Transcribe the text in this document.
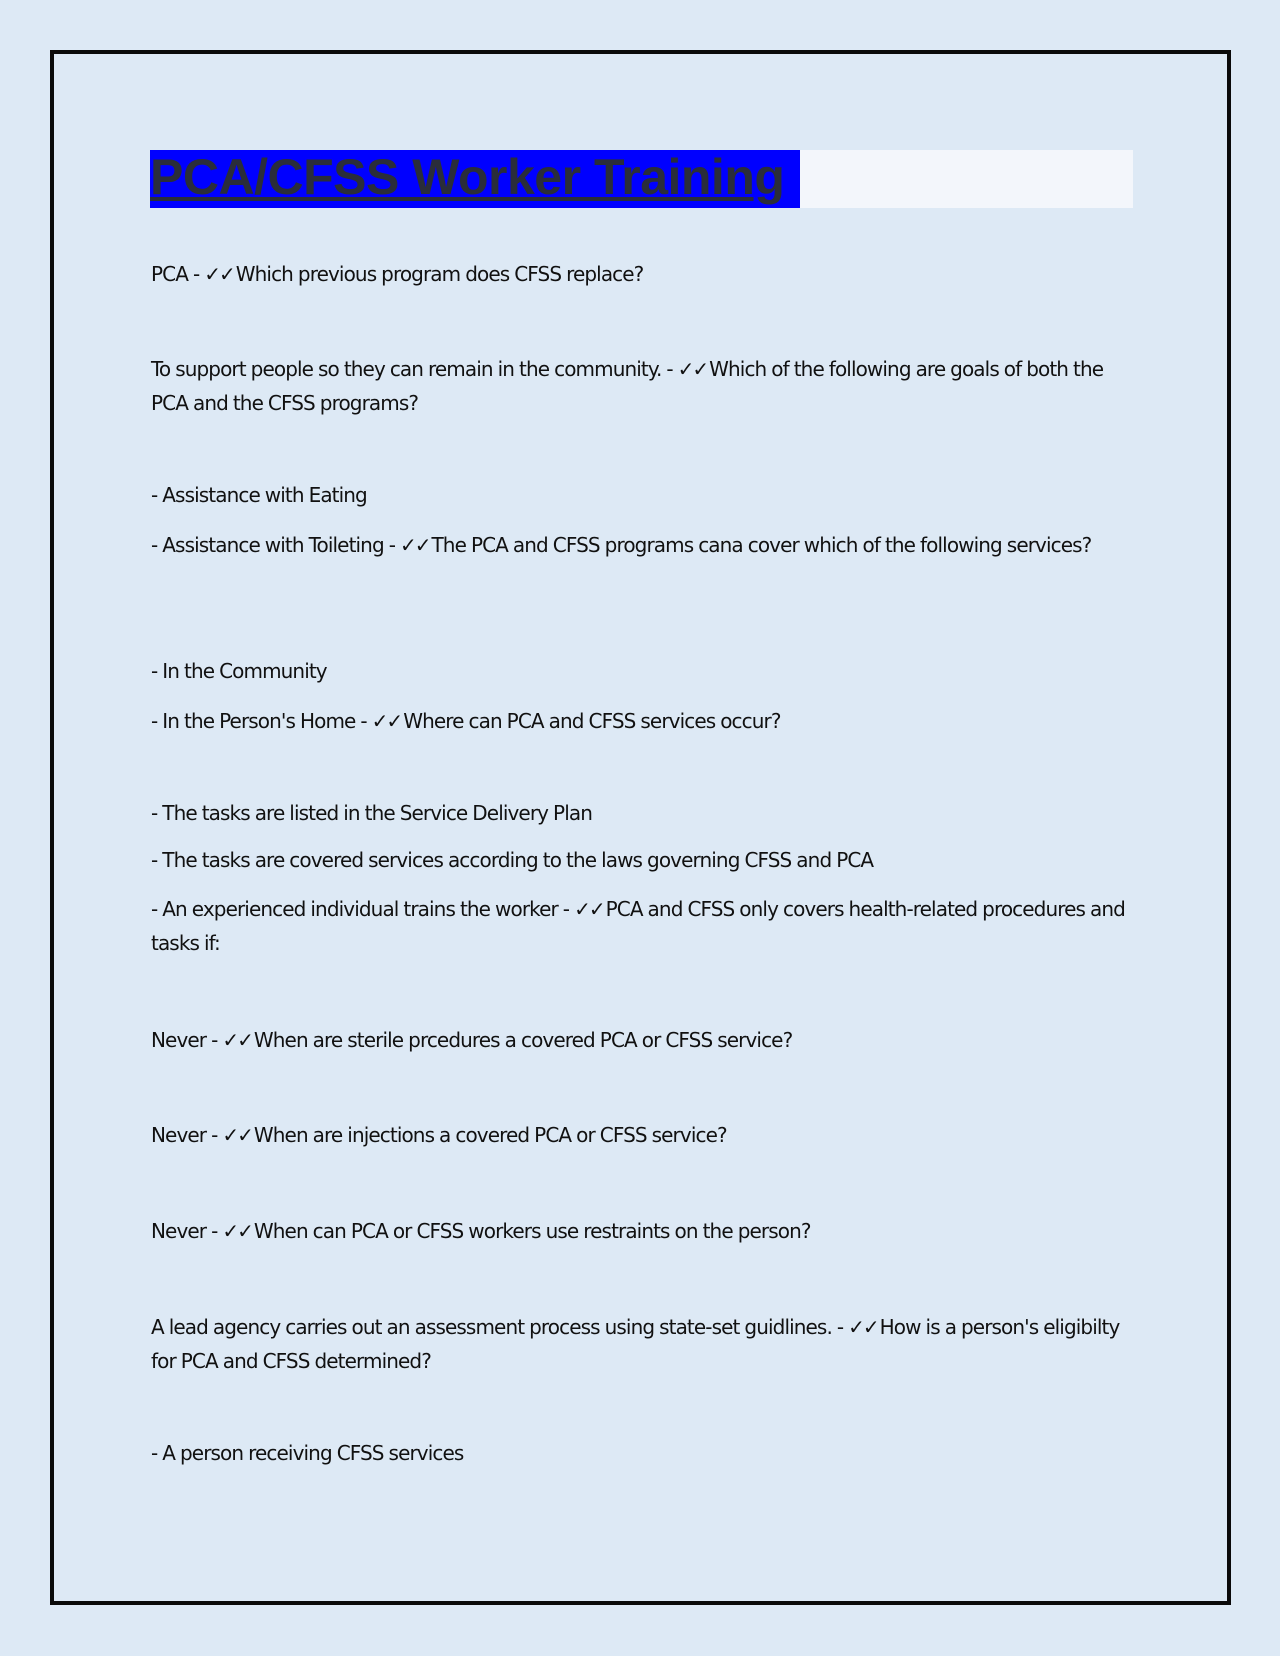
PCA/CFSS Worker Training

PCA - ✓✓ Which previous program does CFSS replace?

To support people so they can remain in the community. - ✓✓ Which of the following are goals of both the PCA and the CFSS programs?

- Assistance with Eating

- Assistance with Toileting - ✓✓ The PCA and CFSS programs cana cover which of the following services?

- In the Community

- In the Person's Home - ✓✓ Where can PCA and CFSS services occur?

- The tasks are listed in the Service Delivery Plan

- The tasks are covered services according to the laws governing CFSS and PCA

- An experienced individual trains the worker - ✓✓ PCA and CFSS only covers health-related procedures and tasks if:

Never - ✓✓ When are sterile prcedures a covered PCA or CFSS service?

Never - ✓✓ When are injections a covered PCA or CFSS service?

Never - ✓✓ When can PCA or CFSS workers use restraints on the person?

A lead agency carries out an assessment process using state-set guidlines. - ✓✓ How is a person's eligibilty for PCA and CFSS determined?

- A person receiving CFSS services
